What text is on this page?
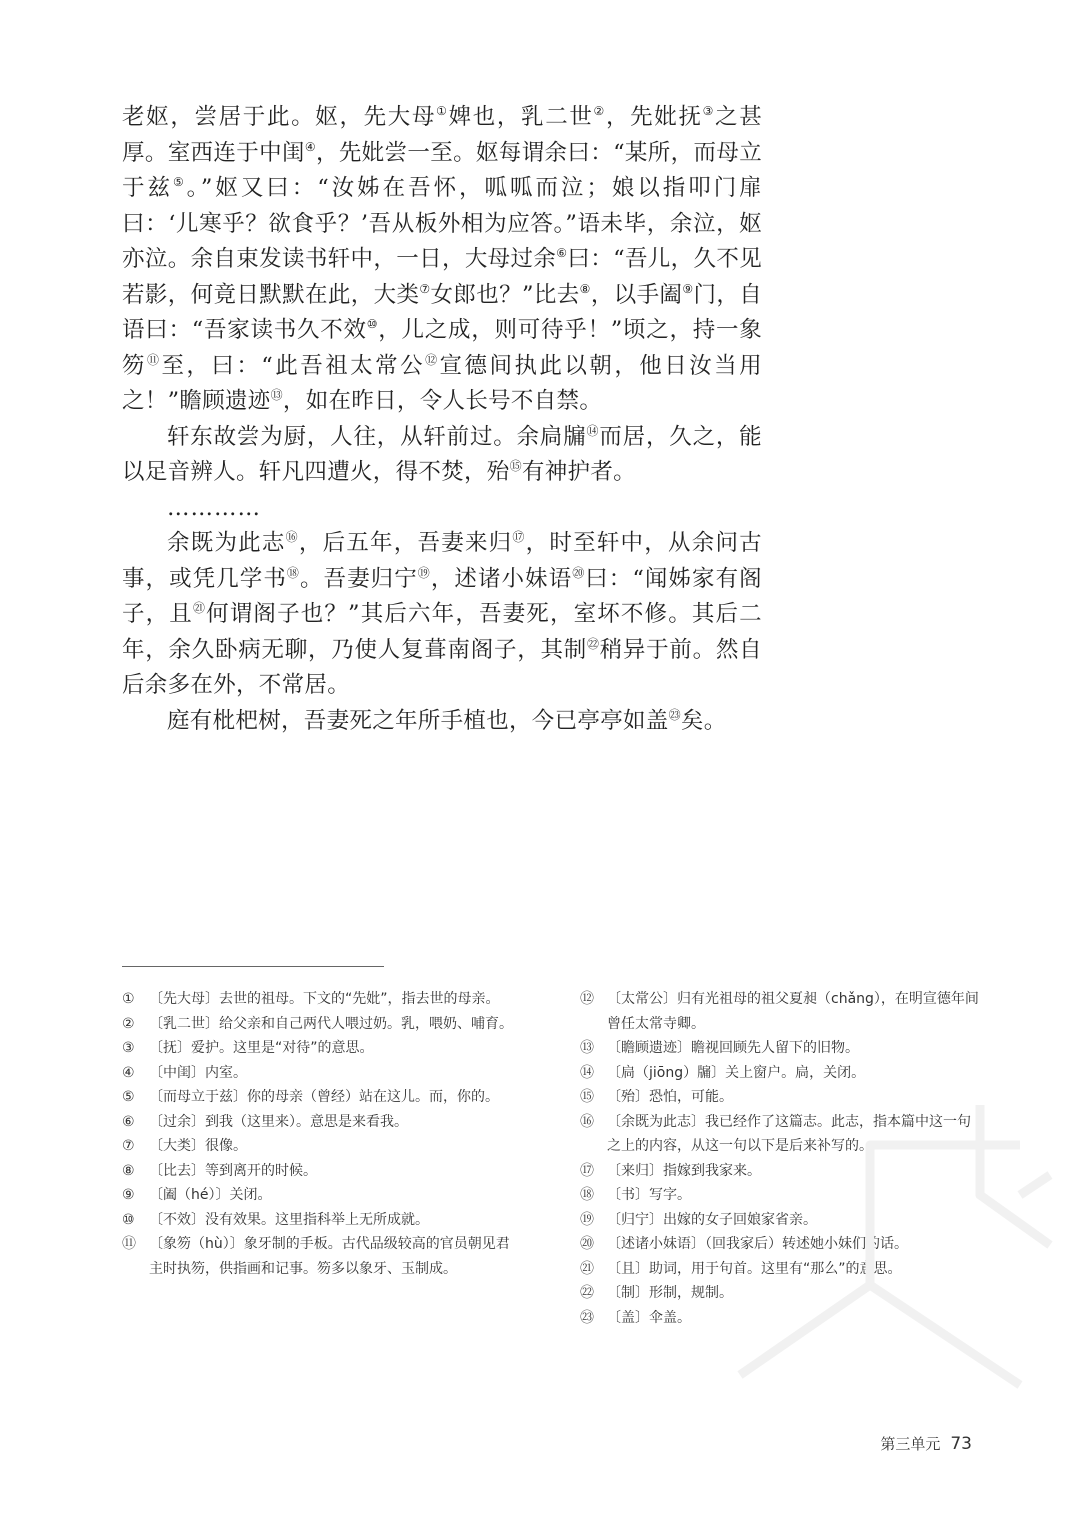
老妪，尝居于此。妪，先大母①婢也，乳二世②，先妣抚③之甚厚。室西连于中闺④，先妣尝一至。妪每谓余曰：“某所，而母立于兹⑤。”妪又曰：“汝姊在吾怀，呱呱而泣；娘以指叩门扉曰：‘儿寒乎？欲食乎？’吾从板外相为应答。”语未毕，余泣，妪亦泣。余自束发读书轩中，一日，大母过余⑥曰：“吾儿，久不见若影，何竟日默默在此，大类⑦女郎也？”比去⑧，以手阖⑨门，自语曰：“吾家读书久不效⑩，儿之成，则可待乎！”顷之，持一象笏⑪至，曰：“此吾祖太常公⑫宣德间执此以朝，他日汝当用之！”瞻顾遗迹⑬，如在昨日，令人长号不自禁。

轩东故尝为厨，人往，从轩前过。余扃牖⑭而居，久之，能以足音辨人。轩凡四遭火，得不焚，殆⑮有神护者。

…………

余既为此志⑯，后五年，吾妻来归⑰，时至轩中，从余问古事，或凭几学书⑱。吾妻归宁⑲，述诸小妹语⑳曰：“闻姊家有阁子，且$^㉑$何谓阁子也？”其后六年，吾妻死，室坏不修。其后二年，余久卧病无聊，乃使人复葺南阁子，其制$^㉒$稍异于前。然自后余多在外，不常居。

庭有枇杷树，吾妻死之年所手植也，今已亭亭如盖$^㉓$矣。

① 〔先大母〕去世的祖母。下文的“先妣”，指去世的母亲。
② 〔乳二世〕给父亲和自己两代人喂过奶。乳，喂奶、哺育。
③ 〔抚〕爱护。这里是“对待”的意思。
④ 〔中闺〕内室。
⑤ 〔而母立于兹〕你的母亲（曾经）站在这儿。而，你的。
⑥ 〔过余〕到我（这里来）。意思是来看我。
⑦ 〔大类〕很像。
⑧ 〔比去〕等到离开的时候。
⑨ 〔阖（hé）〕关闭。
⑩ 〔不效〕没有效果。这里指科举上无所成就。
⑪ 〔象笏（hù）〕象牙制的手板。古代品级较高的官员朝见君主时执笏，供指画和记事。笏多以象牙、玉制成。
⑫ 〔太常公〕归有光祖母的祖父夏昶（chǎng），在明宣德年间曾任太常寺卿。
⑬ 〔瞻顾遗迹〕瞻视回顾先人留下的旧物。
⑭ 〔扃（jiōng）牖〕关上窗户。扃，关闭。
⑮ 〔殆〕恐怕，可能。
⑯ 〔余既为此志〕我已经作了这篇志。此志，指本篇中这一句之上的内容，从这一句以下是后来补写的。
⑰ 〔来归〕指嫁到我家来。
⑱ 〔书〕写字。
⑲ 〔归宁〕出嫁的女子回娘家省亲。
⑳ 〔述诸小妹语〕（回我家后）转述她小妹们的话。
㉑ 〔且〕助词，用于句首。这里有“那么”的意思。
㉒ 〔制〕形制，规制。
㉓ 〔盖〕伞盖。
第三单元 73
